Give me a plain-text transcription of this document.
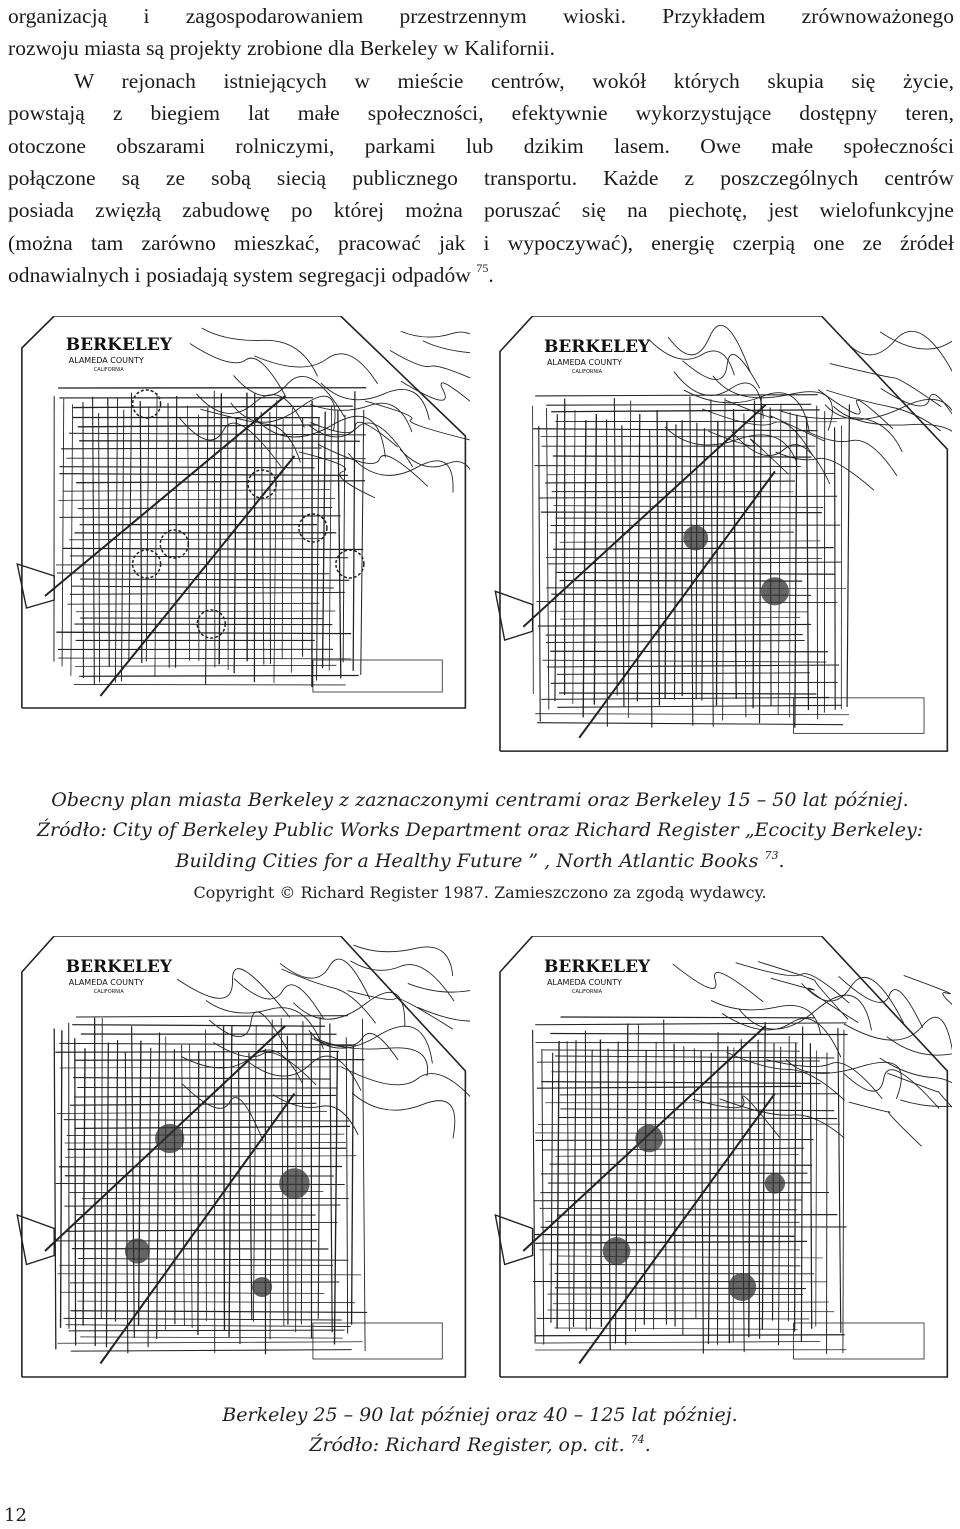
organizacją i zagospodarowaniem przestrzennym wioski. Przykładem zrównoważonego
rozwoju miasta są projekty zrobione dla Berkeley w Kalifornii.
W rejonach istniejących w mieście centrów, wokół których skupia się życie,
powstają z biegiem lat małe społeczności, efektywnie wykorzystujące dostępny teren,
otoczone obszarami rolniczymi, parkami lub dzikim lasem. Owe małe społeczności
połączone są ze sobą siecią publicznego transportu. Każde z poszczególnych centrów
posiada zwięzłą zabudowę po której można poruszać się na piechotę, jest wielofunkcyjne
(można tam zarówno mieszkać, pracować jak i wypoczywać), energię czerpią one ze źródeł
odnawialnych i posiadają system segregacji odpadów $^{75}$.
BERKELEY
ALAMEDA COUNTY
CALIFORNIA
BERKELEY
ALAMEDA COUNTY
CALIFORNIA
Obecny plan miasta Berkeley z zaznaczonymi centrami oraz Berkeley 15 – 50 lat później.
Źródło: City of Berkeley Public Works Department oraz Richard Register „Ecocity Berkeley:
Building Cities for a Healthy Future ” , North Atlantic Books $^{73}$.
Copyright © Richard Register 1987. Zamieszczono za zgodą wydawcy.
BERKELEY
ALAMEDA COUNTY
CALIFORNIA
BERKELEY
ALAMEDA COUNTY
CALIFORNIA
Berkeley 25 – 90 lat później oraz 40 – 125 lat później.
Źródło: Richard Register, op. cit. $^{74}$.
12
